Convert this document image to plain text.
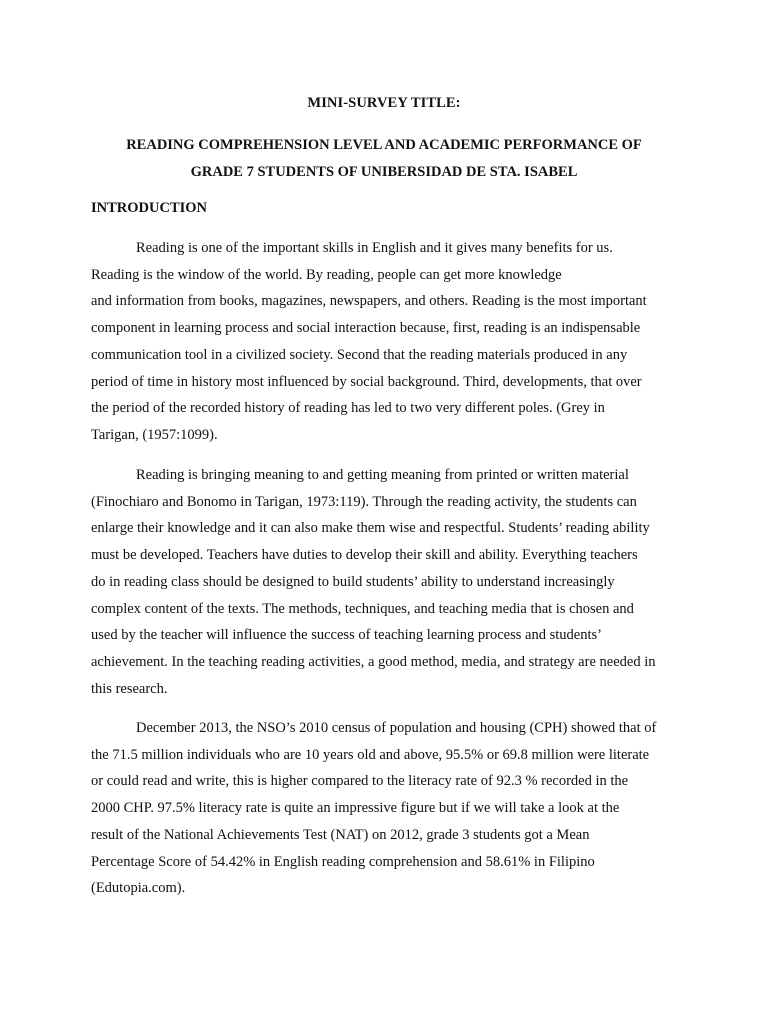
MINI-SURVEY TITLE:
READING COMPREHENSION LEVEL AND ACADEMIC PERFORMANCE OF
GRADE 7 STUDENTS OF UNIBERSIDAD DE STA. ISABEL
INTRODUCTION
Reading is one of the important skills in English and it gives many benefits for us.
Reading is the window of the world. By reading, people can get more knowledge
and information from books, magazines, newspapers, and others. Reading is the most important
component in learning process and social interaction because, first, reading is an indispensable
communication tool in a civilized society. Second that the reading materials produced in any
period of time in history most influenced by social background. Third, developments, that over
the period of the recorded history of reading has led to two very different poles. (Grey in
Tarigan, (1957:1099).
Reading is bringing meaning to and getting meaning from printed or written material
(Finochiaro and Bonomo in Tarigan, 1973:119). Through the reading activity, the students can
enlarge their knowledge and it can also make them wise and respectful. Students’ reading ability
must be developed. Teachers have duties to develop their skill and ability. Everything teachers
do in reading class should be designed to build students’ ability to understand increasingly
complex content of the texts. The methods, techniques, and teaching media that is chosen and
used by the teacher will influence the success of teaching learning process and students’
achievement. In the teaching reading activities, a good method, media, and strategy are needed in
this research.
December 2013, the NSO’s 2010 census of population and housing (CPH) showed that of
the 71.5 million individuals who are 10 years old and above, 95.5% or 69.8 million were literate
or could read and write, this is higher compared to the literacy rate of 92.3 % recorded in the
2000 CHP. 97.5% literacy rate is quite an impressive figure but if we will take a look at the
result of the National Achievements Test (NAT) on 2012, grade 3 students got a Mean
Percentage Score of 54.42% in English reading comprehension and 58.61% in Filipino
(Edutopia.com).
